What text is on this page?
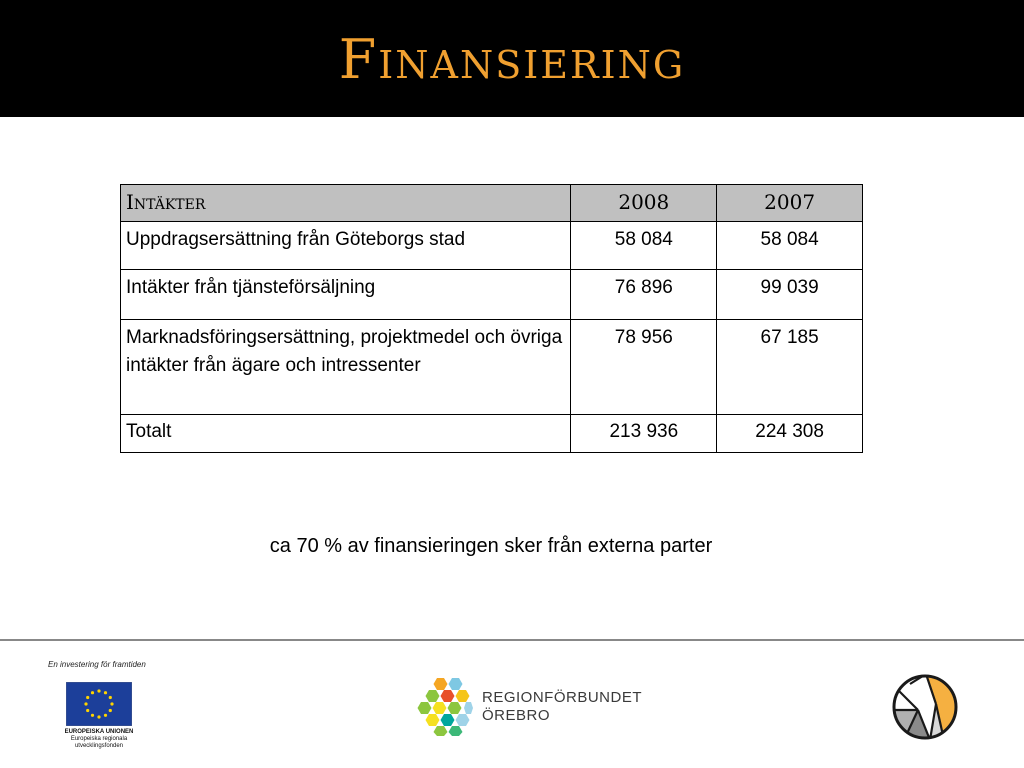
Finansiering
Intäkter	2008	2007
Uppdragsersättning från Göteborgs stad	58 084	58 084
Intäkter från tjänsteförsäljning	76 896	99 039
Marknadsföringsersättning, projektmedel och övriga intäkter från ägare och intressenter	78 956	67 185
Totalt	213 936	224 308
ca 70 % av finansieringen sker från externa parter
En investering för framtiden
EUROPEISKA UNIONEN
Europeiska regionala
utvecklingsfonden
REGIONFÖRBUNDET
ÖREBRO
